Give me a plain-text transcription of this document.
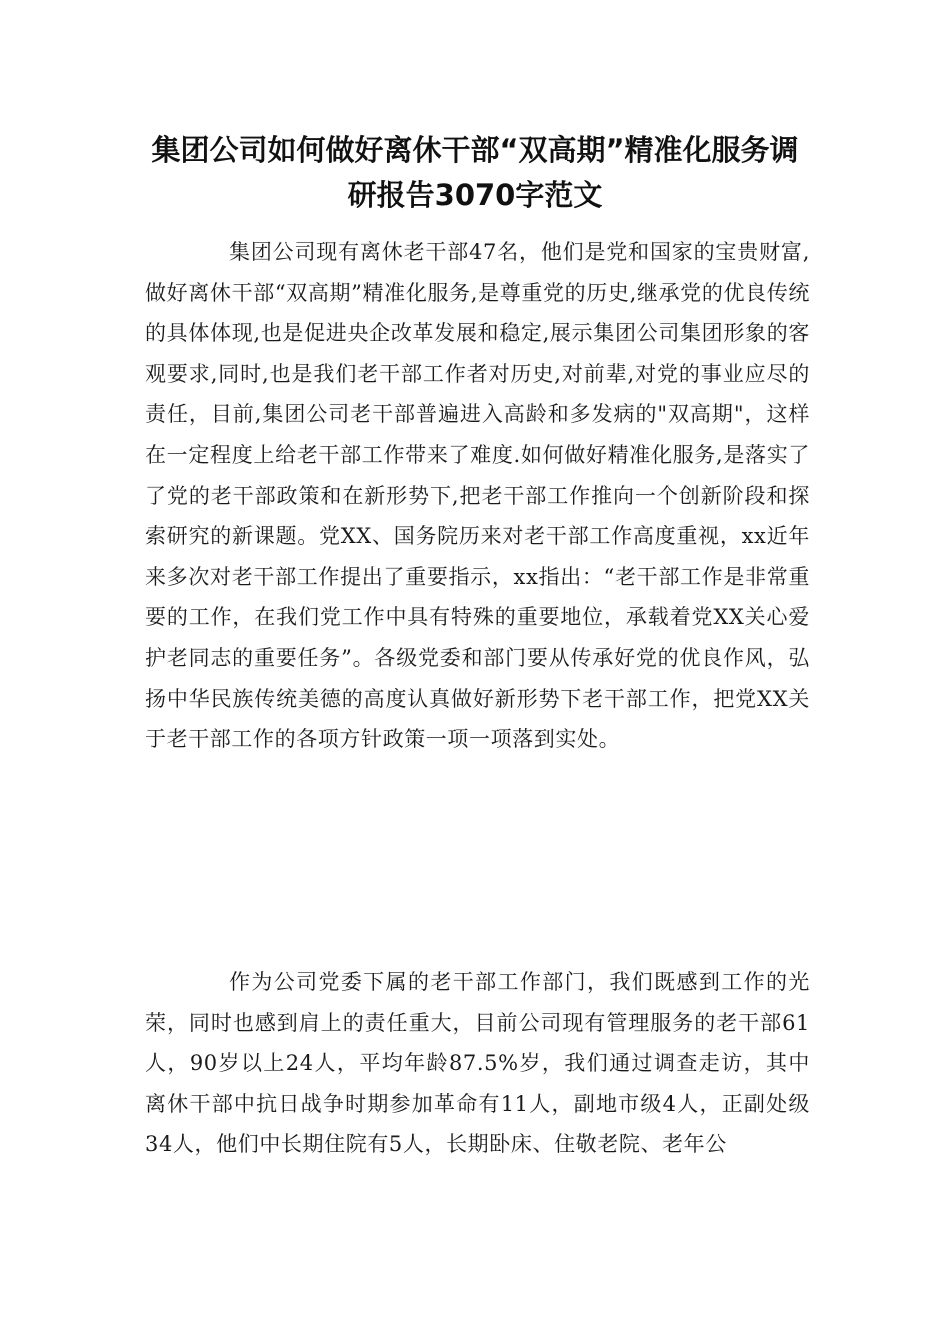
集团公司如何做好离休干部“双高期”精准化服务调研报告3070字范文

集团公司现有离休老干部47名，他们是党和国家的宝贵财富,做好离休干部“双高期”精准化服务,是尊重党的历史,继承党的优良传统的具体体现,也是促进央企改革发展和稳定,展示集团公司集团形象的客观要求,同时,也是我们老干部工作者对历史,对前辈,对党的事业应尽的责任，目前,集团公司老干部普遍进入高龄和多发病的"双高期"，这样在一定程度上给老干部工作带来了难度.如何做好精准化服务,是落实了了党的老干部政策和在新形势下,把老干部工作推向一个创新阶段和探索研究的新课题。党XX、国务院历来对老干部工作高度重视，xx近年来多次对老干部工作提出了重要指示，xx指出：“老干部工作是非常重要的工作，在我们党工作中具有特殊的重要地位，承载着党XX关心爱护老同志的重要任务”。各级党委和部门要从传承好党的优良作风，弘扬中华民族传统美德的高度认真做好新形势下老干部工作，把党XX关于老干部工作的各项方针政策一项一项落到实处。

作为公司党委下属的老干部工作部门，我们既感到工作的光荣，同时也感到肩上的责任重大，目前公司现有管理服务的老干部61人，90岁以上24人，平均年龄87.5%岁，我们通过调查走访，其中离休干部中抗日战争时期参加革命有11人，副地市级4人，正副处级34人，他们中长期住院有5人，长期卧床、住敬老院、老年公
